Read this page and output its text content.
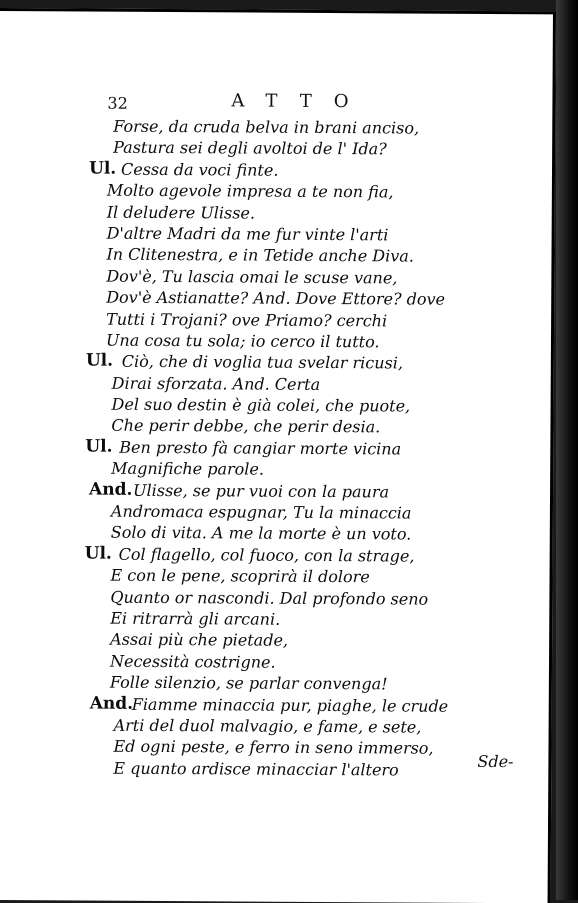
32	ATTO
Forse, da cruda belva in brani anciso,
Pastura sei degli avoltoi de l' Ida?
Ul. Cessa da voci finte.
Molto agevole impresa a te non fia,
Il deludere Ulisse.
D'altre Madri da me fur vinte l'arti
In Clitenestra, e in Tetide anche Diva.
Dov'è, Tu lascia omai le scuse vane,
Dov'è Astianatte? And. Dove Ettore? dove
Tutti i Trojani? ove Priamo? cerchi
Una cosa tu sola; io cerco il tutto.
Ul. Ciò, che di voglia tua svelar ricusi,
Dirai sforzata. And. Certa
Del suo destin è già colei, che puote,
Che perir debbe, che perir desia.
Ul. Ben presto fà cangiar morte vicina
Magnifiche parole.
And. Ulisse, se pur vuoi con la paura
Andromaca espugnar, Tu la minaccia
Solo di vita. A me la morte è un voto.
Ul. Col flagello, col fuoco, con la strage,
E con le pene, scoprirà il dolore
Quanto or nascondi. Dal profondo seno
Ei ritrarrà gli arcani.
Assai più che pietade,
Necessità costrigne.
Folle silenzio, se parlar convenga!
And.
Fiamme minaccia pur, piaghe, le crude
Arti del duol malvagio, e fame, e sete,
Ed ogni peste, e ferro in seno immerso,
E quanto ardisce minacciar l'altero	Sde-
